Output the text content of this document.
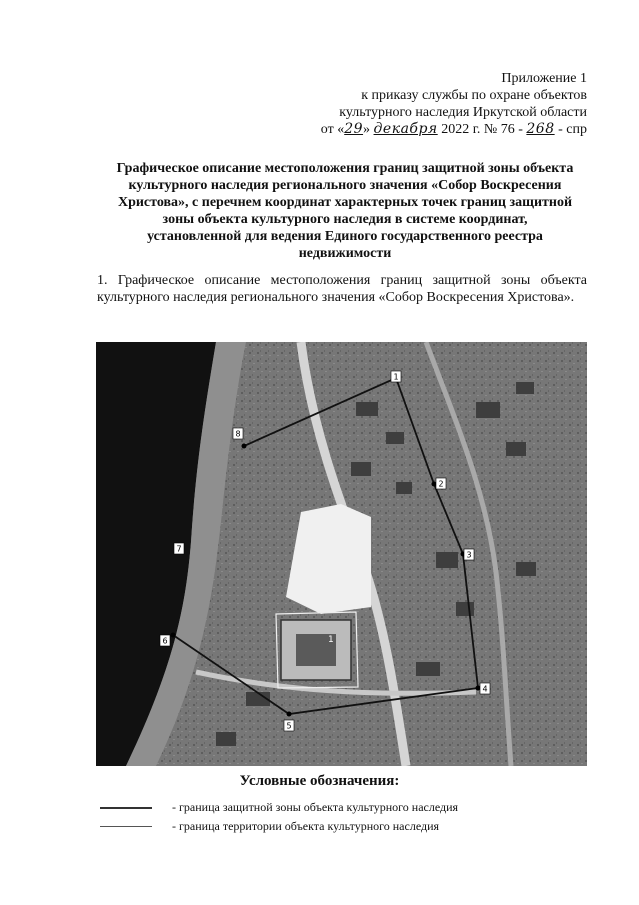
Приложение 1
к приказу службы по охране объектов
культурного наследия Иркутской области
от «29» декабря 2022 г. № 76 - 268 - спр
Графическое описание местоположения границ защитной зоны объекта
культурного наследия регионального значения «Собор Воскресения
Христова», с перечнем координат характерных точек границ защитной
зоны объекта культурного наследия в системе координат,
установленной для ведения Единого государственного реестра
недвижимости
1. Графическое описание местоположения границ защитной зоны объекта культурного наследия регионального значения «Собор Воскресения Христова».
1
1
2
3
4
5
6
7
8
Условные обозначения:
- граница защитной зоны объекта культурного наследия
- граница территории объекта культурного наследия
